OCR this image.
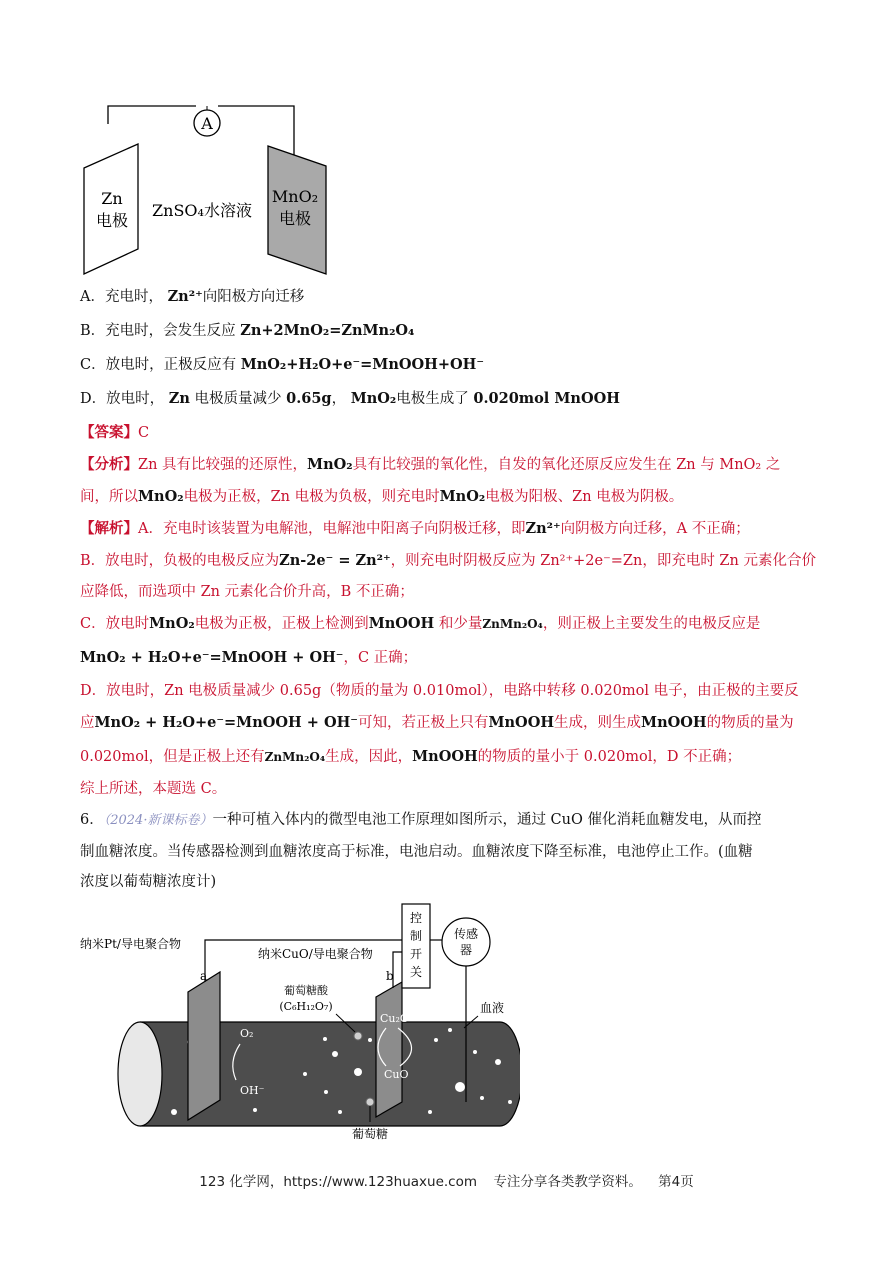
A
Zn
电极
ZnSO₄水溶液
MnO₂
电极
A．充电时， Zn²⁺向阳极方向迁移
B．充电时，会发生反应 Zn+2MnO₂=ZnMn₂O₄
C．放电时，正极反应有 MnO₂+H₂O+e⁻=MnOOH+OH⁻
D．放电时， Zn 电极质量减少 0.65g， MnO₂电极生成了 0.020mol MnOOH
【答案】C
【分析】Zn 具有比较强的还原性，MnO₂具有比较强的氧化性，自发的氧化还原反应发生在 Zn 与 MnO₂ 之
间，所以MnO₂电极为正极，Zn 电极为负极，则充电时MnO₂电极为阳极、Zn 电极为阴极。
【解析】A．充电时该装置为电解池，电解池中阳离子向阴极迁移，即Zn²⁺向阴极方向迁移，A 不正确；
B．放电时，负极的电极反应为Zn-2e⁻ = Zn²⁺，则充电时阴极反应为 Zn²⁺+2e⁻=Zn，即充电时 Zn 元素化合价
应降低，而选项中 Zn 元素化合价升高，B 不正确；
C．放电时MnO₂电极为正极，正极上检测到MnOOH 和少量ZnMn₂O₄，则正极上主要发生的电极反应是
MnO₂ + H₂O+e⁻=MnOOH + OH⁻，C 正确；
D．放电时，Zn 电极质量减少 0.65g（物质的量为 0.010mol），电路中转移 0.020mol 电子，由正极的主要反
应MnO₂ + H₂O+e⁻=MnOOH + OH⁻可知，若正极上只有MnOOH生成，则生成MnOOH的物质的量为
0.020mol，但是正极上还有ZnMn₂O₄生成，因此，MnOOH的物质的量小于 0.020mol，D 不正确；
综上所述，本题选 C。
6．（2024·新课标卷）一种可植入体内的微型电池工作原理如图所示，通过 CuO 催化消耗血糖发电，从而控
制血糖浓度。当传感器检测到血糖浓度高于标准，电池启动。血糖浓度下降至标准，电池停止工作。(血糖
浓度以葡萄糖浓度计)
纳米Pt/导电聚合物
a
纳米CuO/导电聚合物
b
控
制
开
关
传感
器
血液
葡萄糖酸
(C₆H₁₂O₇)
O₂
OH⁻
Cu₂O
CuO
葡萄糖
123 化学网，https://www.123huaxue.com 专注分享各类教学资料。 第4页
